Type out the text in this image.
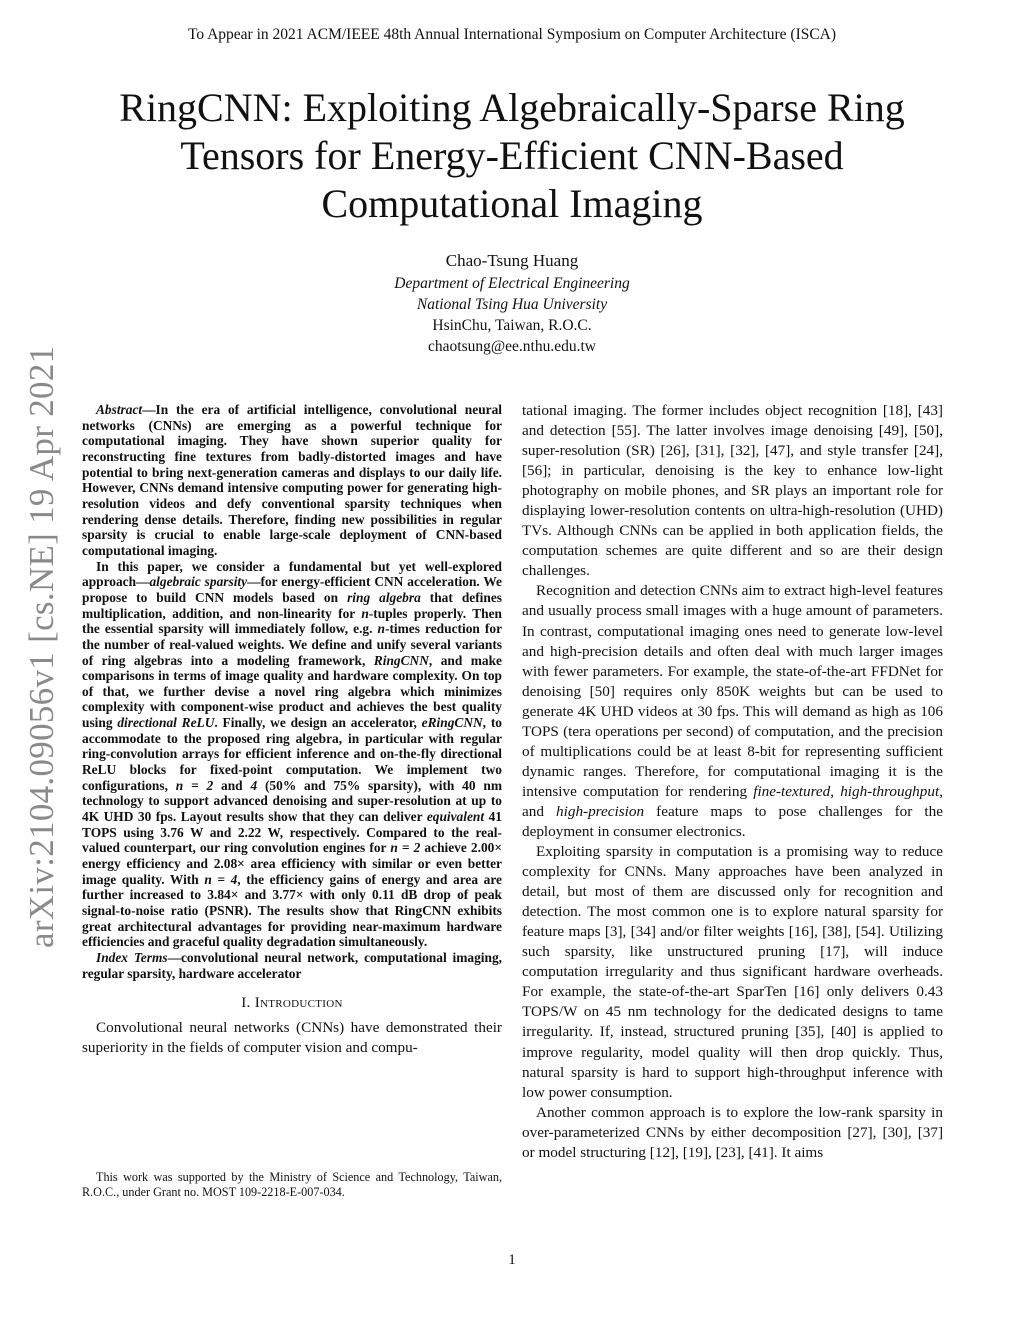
To Appear in 2021 ACM/IEEE 48th Annual International Symposium on Computer Architecture (ISCA)
arXiv:2104.09056v1 [cs.NE] 19 Apr 2021
RingCNN: Exploiting Algebraically-Sparse Ring Tensors for Energy-Efficient CNN-Based Computational Imaging
Chao-Tsung Huang
Department of Electrical Engineering
National Tsing Hua University
HsinChu, Taiwan, R.O.C.
chaotsung@ee.nthu.edu.tw

Abstract—In the era of artificial intelligence, convolutional neural networks (CNNs) are emerging as a powerful technique for computational imaging. They have shown superior quality for reconstructing fine textures from badly-distorted images and have potential to bring next-generation cameras and displays to our daily life. However, CNNs demand intensive computing power for generating high-resolution videos and defy conventional sparsity techniques when rendering dense details. Therefore, finding new possibilities in regular sparsity is crucial to enable large-scale deployment of CNN-based computational imaging.

In this paper, we consider a fundamental but yet well-explored approach—algebraic sparsity—for energy-efficient CNN acceleration. We propose to build CNN models based on ring algebra that defines multiplication, addition, and non-linearity for n-tuples properly. Then the essential sparsity will immediately follow, e.g. n-times reduction for the number of real-valued weights. We define and unify several variants of ring algebras into a modeling framework, RingCNN, and make comparisons in terms of image quality and hardware complexity. On top of that, we further devise a novel ring algebra which minimizes complexity with component-wise product and achieves the best quality using directional ReLU. Finally, we design an accelerator, eRingCNN, to accommodate to the proposed ring algebra, in particular with regular ring-convolution arrays for efficient inference and on-the-fly directional ReLU blocks for fixed-point computation. We implement two configurations, n = 2 and 4 (50% and 75% sparsity), with 40 nm technology to support advanced denoising and super-resolution at up to 4K UHD 30 fps. Layout results show that they can deliver equivalent 41 TOPS using 3.76 W and 2.22 W, respectively. Compared to the real-valued counterpart, our ring convolution engines for n = 2 achieve 2.00× energy efficiency and 2.08× area efficiency with similar or even better image quality. With n = 4, the efficiency gains of energy and area are further increased to 3.84× and 3.77× with only 0.11 dB drop of peak signal-to-noise ratio (PSNR). The results show that RingCNN exhibits great architectural advantages for providing near-maximum hardware efficiencies and graceful quality degradation simultaneously.

Index Terms—convolutional neural network, computational imaging, regular sparsity, hardware accelerator

I. Introduction

Convolutional neural networks (CNNs) have demonstrated their superiority in the fields of computer vision and compu-

This work was supported by the Ministry of Science and Technology, Taiwan, R.O.C., under Grant no. MOST 109-2218-E-007-034.

tational imaging. The former includes object recognition [18], [43] and detection [55]. The latter involves image denoising [49], [50], super-resolution (SR) [26], [31], [32], [47], and style transfer [24], [56]; in particular, denoising is the key to enhance low-light photography on mobile phones, and SR plays an important role for displaying lower-resolution contents on ultra-high-resolution (UHD) TVs. Although CNNs can be applied in both application fields, the computation schemes are quite different and so are their design challenges.

Recognition and detection CNNs aim to extract high-level features and usually process small images with a huge amount of parameters. In contrast, computational imaging ones need to generate low-level and high-precision details and often deal with much larger images with fewer parameters. For example, the state-of-the-art FFDNet for denoising [50] requires only 850K weights but can be used to generate 4K UHD videos at 30 fps. This will demand as high as 106 TOPS (tera operations per second) of computation, and the precision of multiplications could be at least 8-bit for representing sufficient dynamic ranges. Therefore, for computational imaging it is the intensive computation for rendering fine-textured, high-throughput, and high-precision feature maps to pose challenges for the deployment in consumer electronics.

Exploiting sparsity in computation is a promising way to reduce complexity for CNNs. Many approaches have been analyzed in detail, but most of them are discussed only for recognition and detection. The most common one is to explore natural sparsity for feature maps [3], [34] and/or filter weights [16], [38], [54]. Utilizing such sparsity, like unstructured pruning [17], will induce computation irregularity and thus significant hardware overheads. For example, the state-of-the-art SparTen [16] only delivers 0.43 TOPS/W on 45 nm technology for the dedicated designs to tame irregularity. If, instead, structured pruning [35], [40] is applied to improve regularity, model quality will then drop quickly. Thus, natural sparsity is hard to support high-throughput inference with low power consumption.

Another common approach is to explore the low-rank sparsity in over-parameterized CNNs by either decomposition [27], [30], [37] or model structuring [12], [19], [23], [41]. It aims

1
